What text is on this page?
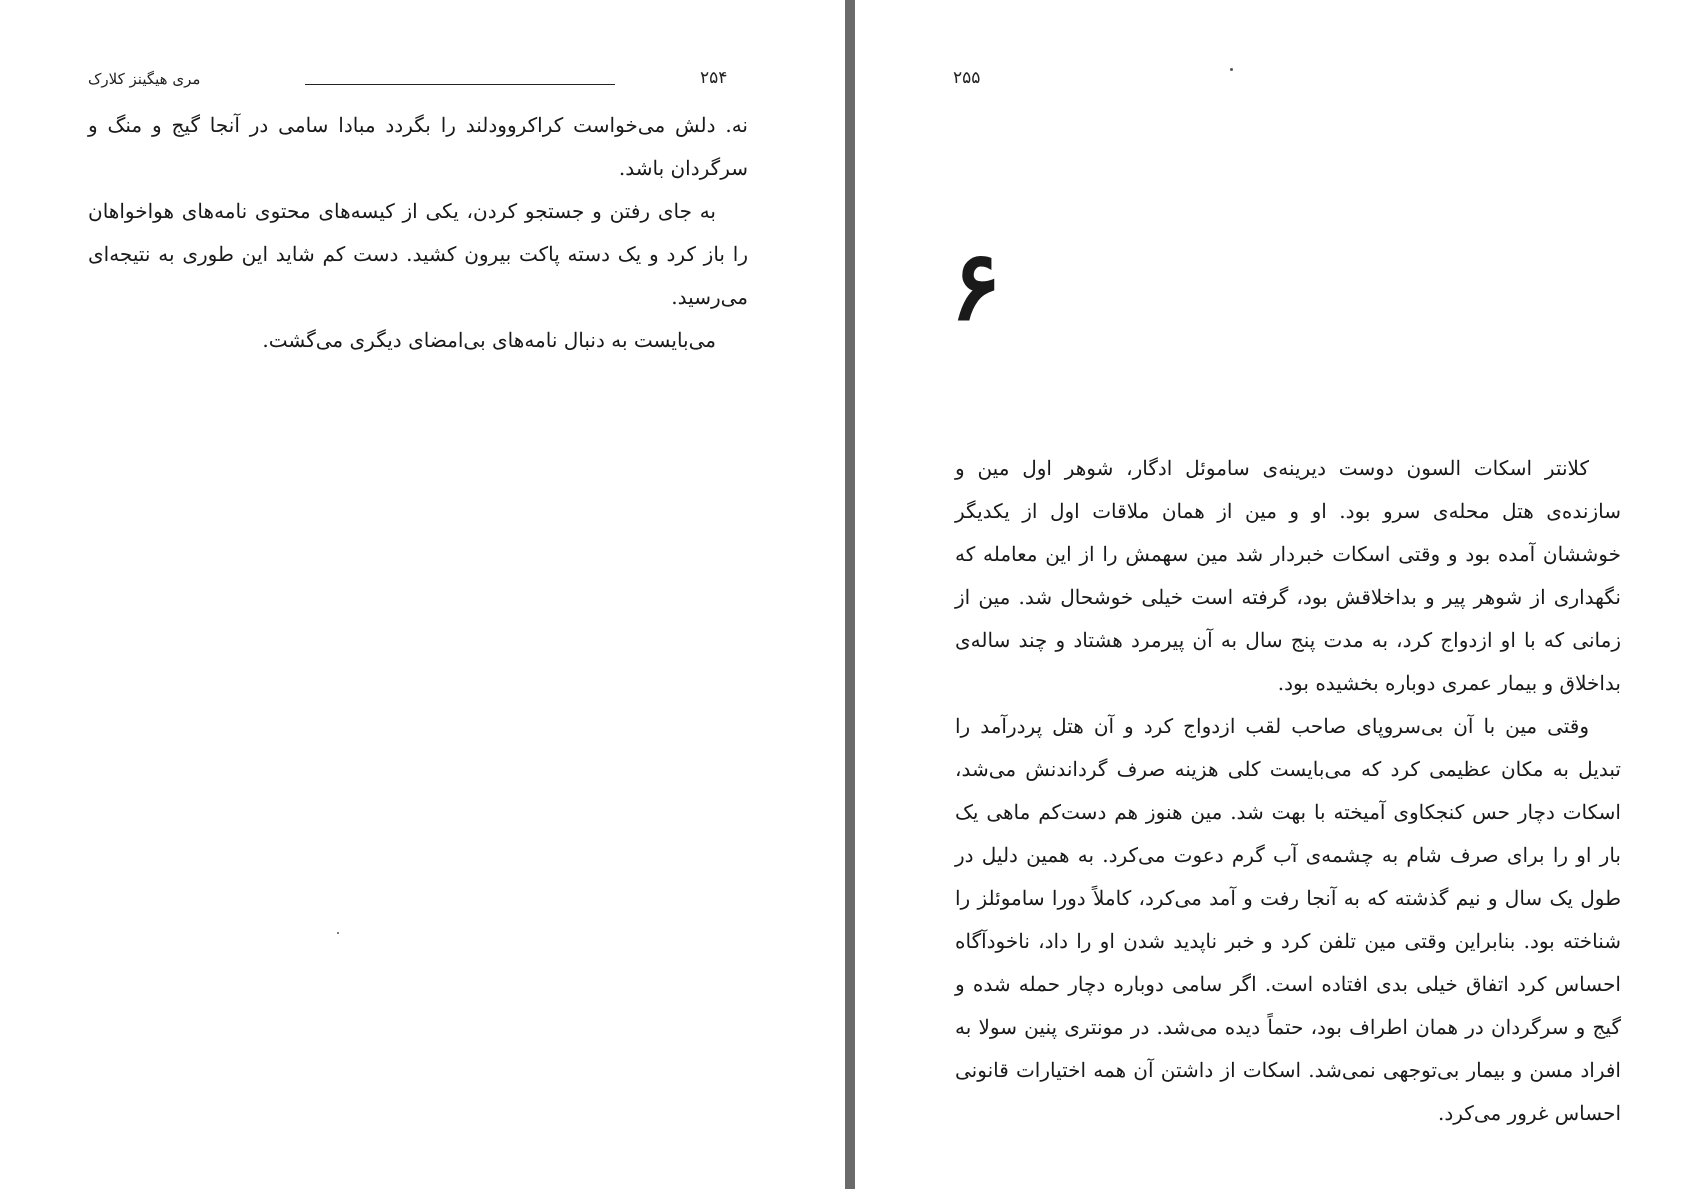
۲۵۴
مری هیگینز کلارک

نه. دلش می‌خواست کراکروودلند را بگردد مبادا سامی در آنجا گیج و منگ و سرگردان باشد.

به جای رفتن و جستجو کردن، یکی از کیسه‌های محتوی نامه‌های هواخواهان را باز کرد و یک دسته پاکت بیرون کشید. دست کم شاید این طوری به نتیجه‌ای می‌رسید.

می‌بایست به دنبال نامه‌های بی‌امضای دیگری می‌گشت.

۲۵۵
۶

کلانتر اسکات السون دوست دیرینه‌ی ساموئل ادگار، شوهر اول مین و سازنده‌ی هتل محله‌ی سرو بود. او و مین از همان ملاقات اول از یکدیگر خوششان آمده بود و وقتی اسکات خبردار شد مین سهمش را از این معامله که نگهداری از شوهر پیر و بداخلاقش بود، گرفته است خیلی خوشحال شد. مین از زمانی که با او ازدواج کرد، به مدت پنج سال به آن پیرمرد هشتاد و چند ساله‌ی بداخلاق و بیمار عمری دوباره بخشیده بود.

وقتی مین با آن بی‌سروپای صاحب لقب ازدواج کرد و آن هتل پردرآمد را تبدیل به مکان عظیمی کرد که می‌بایست کلی هزینه صرف گرداندنش می‌شد، اسکات دچار حس کنجکاوی آمیخته با بهت شد. مین هنوز هم دست‌کم ماهی یک بار او را برای صرف شام به چشمه‌ی آب گرم دعوت می‌کرد. به همین دلیل در طول یک سال و نیم گذشته که به آنجا رفت و آمد می‌کرد، کاملاً دورا ساموئلز را شناخته بود. بنابراین وقتی مین تلفن کرد و خبر ناپدید شدن او را داد، ناخودآگاه احساس کرد اتفاق خیلی بدی افتاده است. اگر سامی دوباره دچار حمله شده و گیج و سرگردان در همان اطراف بود، حتماً دیده می‌شد. در مونتری پنین سولا به افراد مسن و بیمار بی‌توجهی نمی‌شد. اسکات از داشتن آن همه اختیارات قانونی احساس غرور می‌کرد.
